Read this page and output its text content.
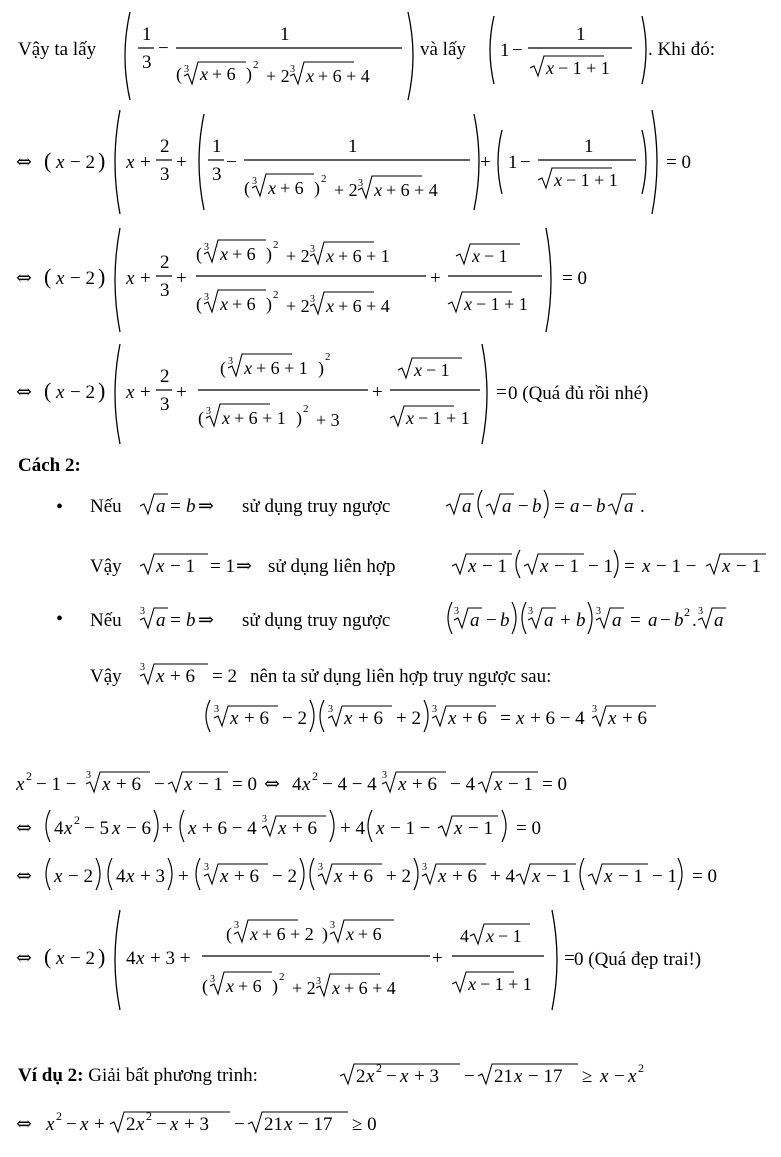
Vậy ta lấy
1
3
−
1
( 3 x + 6 ) 2
+ 2 3 x + 6 + 4
và lấy 1 −
1
x − 1 + 1
. Khi đó:
⇔ ( x − 2 ) x +
2
3
+
1
3
−
1
( 3 x + 6 ) 2
+ 2 3 x + 6 + 4
+ 1 −
1
x − 1 + 1
= 0
⇔ ( x − 2 ) x +
2
3
+
( 3 x + 6 ) 2
+ 2 3 x + 6 + 1
( 3 x + 6 ) 2
+ 2 3 x + 6 + 4
+
x − 1
x − 1 + 1
= 0
⇔ ( x − 2 ) x +
2
3
+
( 3 x + 6 + 1 )
2
( 3 x + 6 + 1 ) 2
+ 3
+
x − 1
x − 1 + 1
= 0 (Quá đủ rồi nhé)
Cách 2:
• Nếu a = b ⇒ sử dụng truy ngược	a a − b = a − b a .
Vậy x − 1 = 1 ⇒ sử dụng liên hợp	x − 1 x − 1 − 1 = x − 1 − x − 1
• Nếu 3 a = b ⇒ sử dụng truy ngược	3 a − b 3 a + b 3 a = a − b 2 . 3 a
Vậy 3 x + 6 = 2 nên ta sử dụng liên hợp truy ngược sau:
3 x + 6 − 2 3 x + 6 + 2 3 x + 6 = x + 6 − 4 3 x + 6
x 2 − 1 − 3 x + 6 − x − 1 = 0 ⇔ 4 x 2 − 4 − 4 3 x + 6 − 4 x − 1 = 0
⇔ 4 x 2 − 5 x − 6 + x + 6 − 4 3 x + 6 + 4 x − 1 − x − 1 = 0
⇔ x − 2 4 x + 3 + 3 x + 6 − 2 3 x + 6 + 2 3 x + 6 + 4 x − 1 x − 1 − 1 = 0
⇔ ( x − 2 ) 4 x + 3 +
( 3 x + 6 + 2 ) 3 x + 6
( 3 x + 6 ) 2
+ 2 3 x + 6 + 4
+
4 x − 1
x − 1 + 1
= 0 (Quá đẹp trai!)
Ví dụ 2: Giải bất phương trình:	2 x 2 − x + 3 − 21 x − 17 ≥ x − x 2
⇔ x 2 − x + 2 x 2 − x + 3 − 21 x − 17 ≥ 0
